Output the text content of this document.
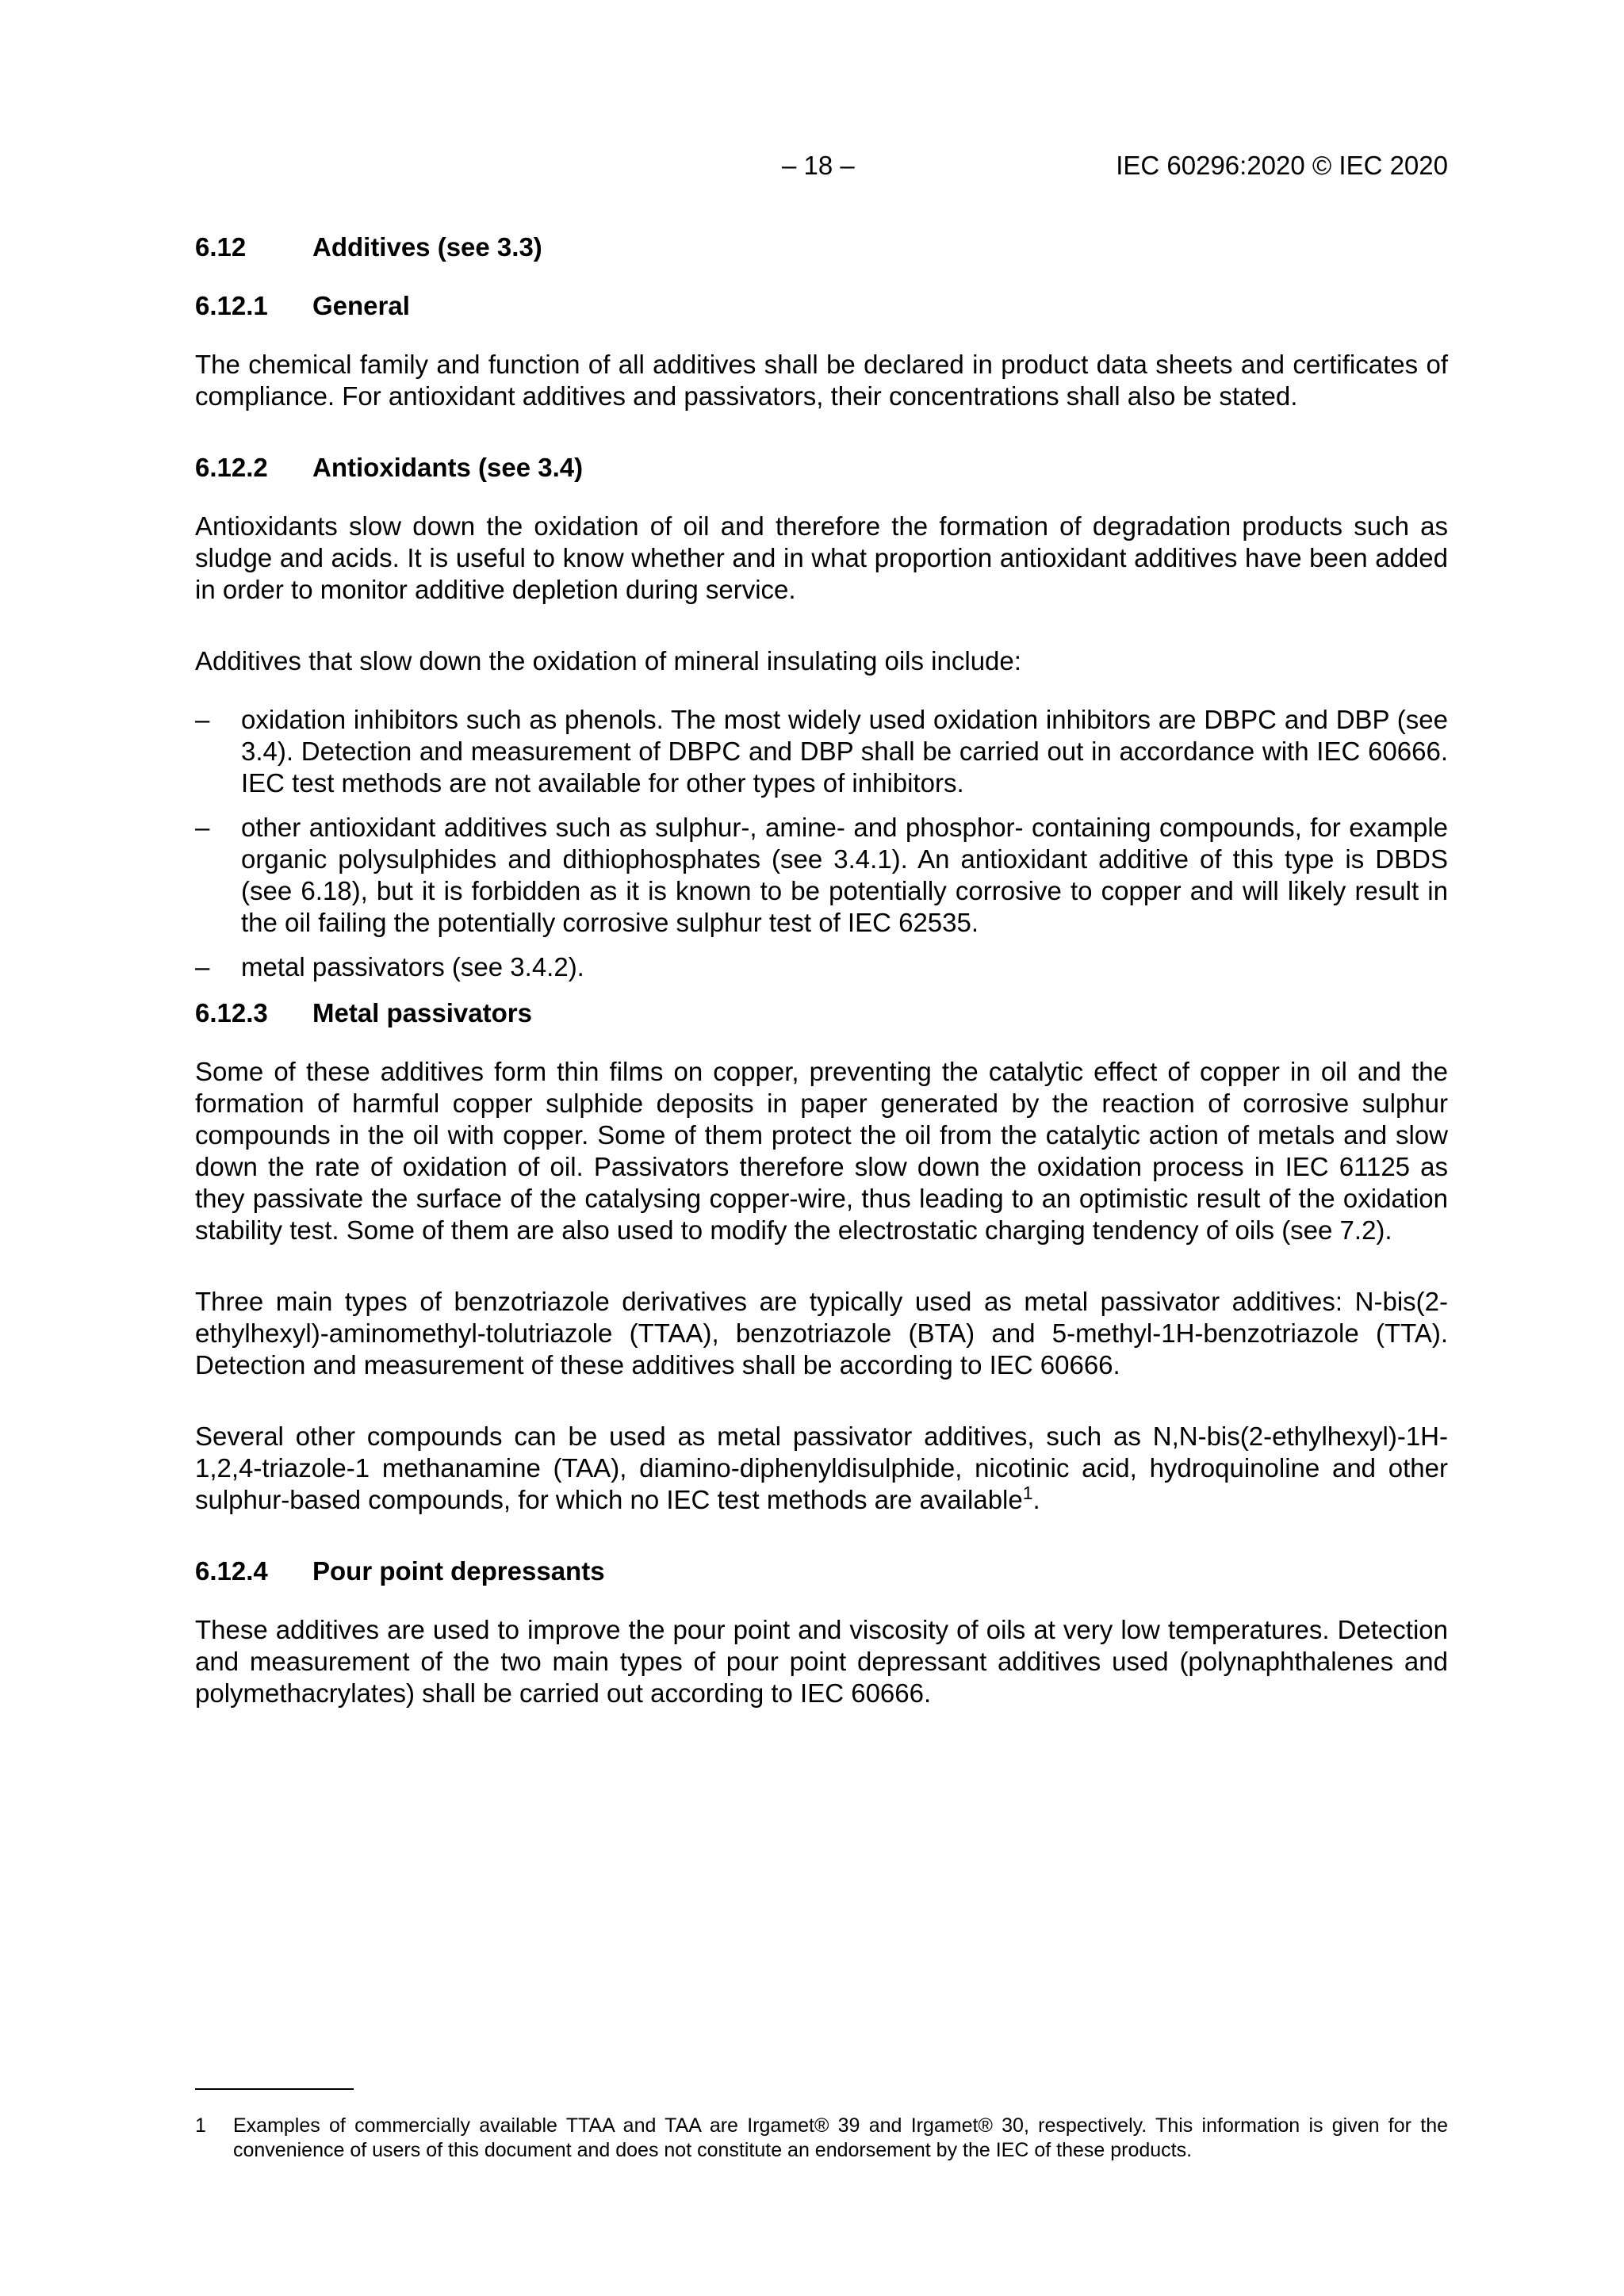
– 18 –	IEC 60296:2020 © IEC 2020
6.12	Additives (see 3.3)
6.12.1 General

The chemical family and function of all additives shall be declared in product data sheets and certificates of compliance. For antioxidant additives and passivators, their concentrations shall also be stated.

6.12.2 Antioxidants (see 3.4)

Antioxidants slow down the oxidation of oil and therefore the formation of degradation products such as sludge and acids. It is useful to know whether and in what proportion antioxidant additives have been added in order to monitor additive depletion during service.

Additives that slow down the oxidation of mineral insulating oils include:

– oxidation inhibitors such as phenols. The most widely used oxidation inhibitors are DBPC and DBP (see 3.4). Detection and measurement of DBPC and DBP shall be carried out in accordance with IEC 60666. IEC test methods are not available for other types of inhibitors.
– other antioxidant additives such as sulphur-, amine- and phosphor- containing compounds, for example organic polysulphides and dithiophosphates (see 3.4.1). An antioxidant additive of this type is DBDS (see 6.18), but it is forbidden as it is known to be potentially corrosive to copper and will likely result in the oil failing the potentially corrosive sulphur test of IEC 62535.
– metal passivators (see 3.4.2).
6.12.3 Metal passivators

Some of these additives form thin films on copper, preventing the catalytic effect of copper in oil and the formation of harmful copper sulphide deposits in paper generated by the reaction of corrosive sulphur compounds in the oil with copper. Some of them protect the oil from the catalytic action of metals and slow down the rate of oxidation of oil. Passivators therefore slow down the oxidation process in IEC 61125 as they passivate the surface of the catalysing copper-wire, thus leading to an optimistic result of the oxidation stability test. Some of them are also used to modify the electrostatic charging tendency of oils (see 7.2).

Three main types of benzotriazole derivatives are typically used as metal passivator additives: N-bis(2-ethylhexyl)-aminomethyl-tolutriazole (TTAA), benzotriazole (BTA) and 5-methyl-1H-benzotriazole (TTA). Detection and measurement of these additives shall be according to IEC 60666.

Several other compounds can be used as metal passivator additives, such as N,N-bis(2-ethylhexyl)-1H-1,2,4-triazole-1 methanamine (TAA), diamino-diphenyldisulphide, nicotinic acid, hydroquinoline and other sulphur-based compounds, for which no IEC test methods are available$^1$.

6.12.4 Pour point depressants

These additives are used to improve the pour point and viscosity of oils at very low temperatures. Detection and measurement of the two main types of pour point depressant additives used (polynaphthalenes and polymethacrylates) shall be carried out according to IEC 60666.

1 Examples of commercially available TTAA and TAA are Irgamet® 39 and Irgamet® 30, respectively. This information is given for the convenience of users of this document and does not constitute an endorsement by the IEC of these products.
